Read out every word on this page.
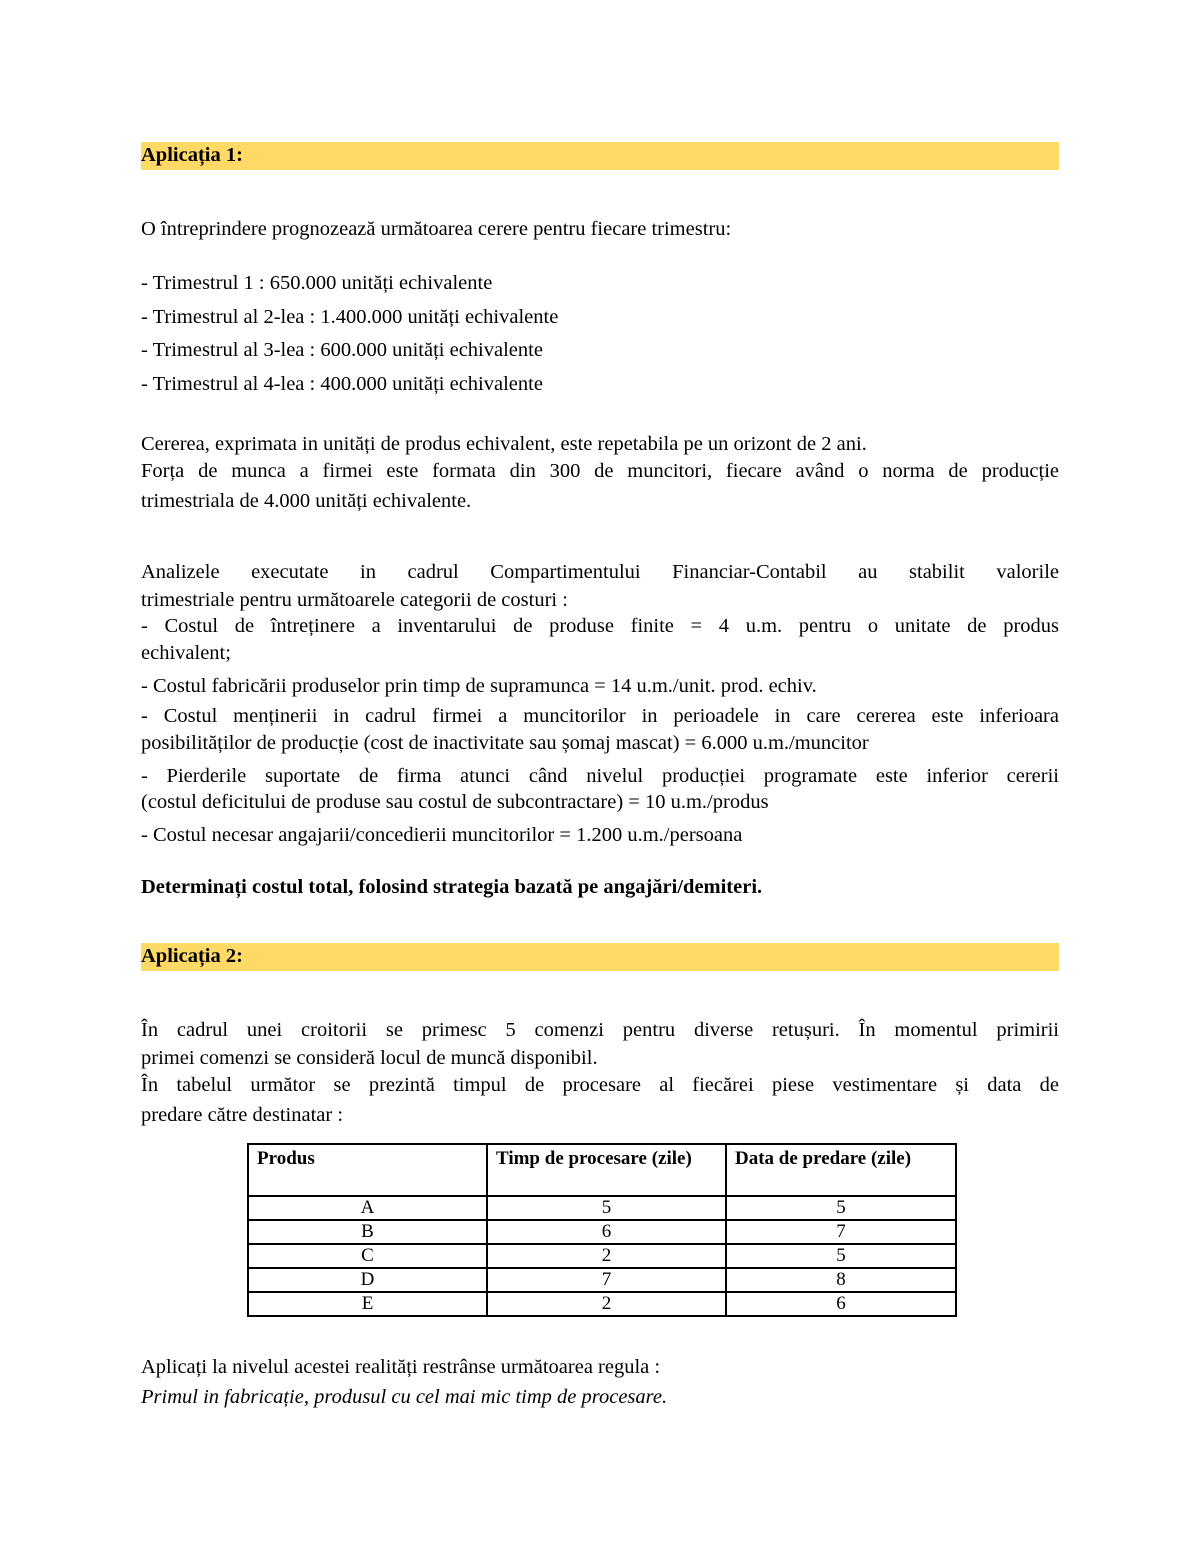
Aplicația 1:
O întreprindere prognozează următoarea cerere pentru fiecare trimestru:
- Trimestrul 1 : 650.000 unități echivalente
- Trimestrul al 2-lea : 1.400.000 unități echivalente
- Trimestrul al 3-lea : 600.000 unități echivalente
- Trimestrul al 4-lea : 400.000 unități echivalente
Cererea, exprimata in unități de produs echivalent, este repetabila pe un orizont de 2 ani.
Forța de munca a firmei este formata din 300 de muncitori, fiecare având o norma de producție
trimestriala de 4.000 unități echivalente.
Analizele executate in cadrul Compartimentului Financiar-Contabil au stabilit valorile
trimestriale pentru următoarele categorii de costuri :
- Costul de întreținere a inventarului de produse finite = 4 u.m. pentru o unitate de produs
echivalent;
- Costul fabricării produselor prin timp de supramunca = 14 u.m./unit. prod. echiv.
- Costul menținerii in cadrul firmei a muncitorilor in perioadele in care cererea este inferioara
posibilităților de producție (cost de inactivitate sau șomaj mascat) = 6.000 u.m./muncitor
- Pierderile suportate de firma atunci când nivelul producției programate este inferior cererii
(costul deficitului de produse sau costul de subcontractare) = 10 u.m./produs
- Costul necesar angajarii/concedierii muncitorilor = 1.200 u.m./persoana
Determinați costul total, folosind strategia bazată pe angajări/demiteri.
Aplicația 2:
În cadrul unei croitorii se primesc 5 comenzi pentru diverse retușuri. În momentul primirii
primei comenzi se consideră locul de muncă disponibil.
În tabelul următor se prezintă timpul de procesare al fiecărei piese vestimentare și data de
predare către destinatar :
Produs	Timp de procesare (zile)	Data de predare (zile)
A	5	5
B	6	7
C	2	5
D	7	8
E	2	6
Aplicați la nivelul acestei realități restrânse următoarea regula :
Primul in fabricație, produsul cu cel mai mic timp de procesare.
